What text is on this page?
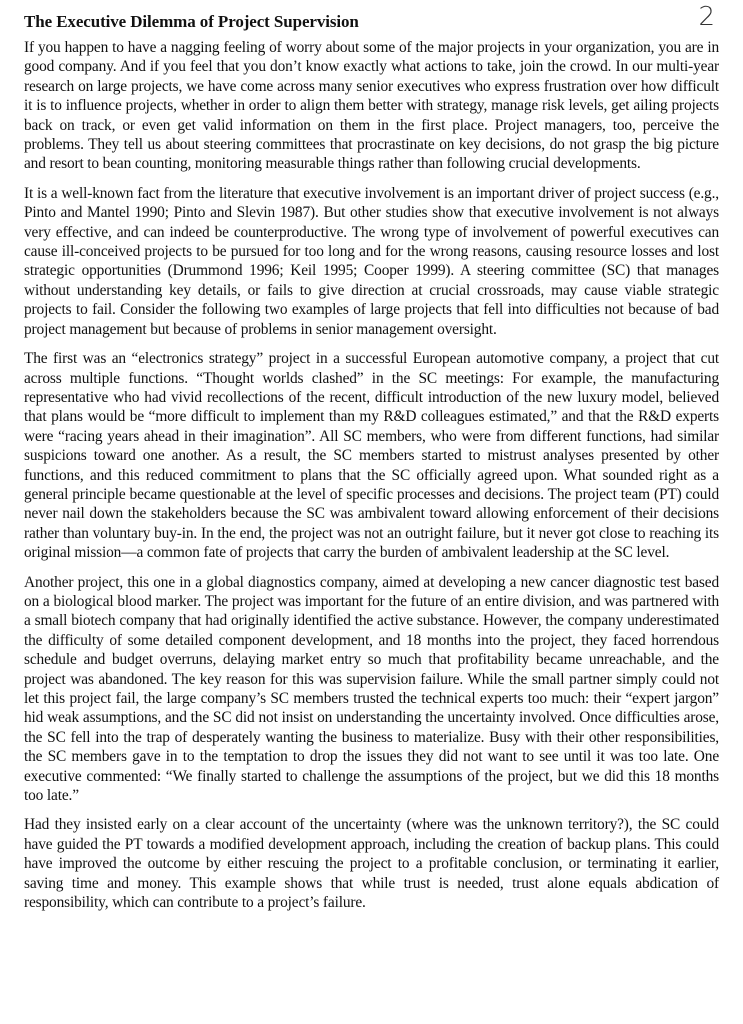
2
The Executive Dilemma of Project Supervision

If you happen to have a nagging feeling of worry about some of the major projects in your organization, you are in good company. And if you feel that you don’t know exactly what actions to take, join the crowd. In our multi-year research on large projects, we have come across many senior executives who express frustration over how difficult it is to influence projects, whether in order to align them better with strategy, manage risk levels, get ailing projects back on track, or even get valid information on them in the first place. Project managers, too, perceive the problems. They tell us about steering committees that procrastinate on key decisions, do not grasp the big picture and resort to bean counting, monitoring measurable things rather than following crucial developments.

It is a well-known fact from the literature that executive involvement is an important driver of project success (e.g., Pinto and Mantel 1990; Pinto and Slevin 1987). But other studies show that executive involvement is not always very effective, and can indeed be counterproductive. The wrong type of involvement of powerful executives can cause ill-conceived projects to be pursued for too long and for the wrong reasons, causing resource losses and lost strategic opportunities (Drummond 1996; Keil 1995; Cooper 1999). A steering committee (SC) that manages without understanding key details, or fails to give direction at crucial crossroads, may cause viable strategic projects to fail. Consider the following two examples of large projects that fell into difficulties not because of bad project management but because of problems in senior management oversight.

The first was an “electronics strategy” project in a successful European automotive company, a project that cut across multiple functions. “Thought worlds clashed” in the SC meetings: For example, the manufacturing representative who had vivid recollections of the recent, difficult introduction of the new luxury model, believed that plans would be “more difficult to implement than my R&D colleagues estimated,” and that the R&D experts were “racing years ahead in their imagination”. All SC members, who were from different functions, had similar suspicions toward one another. As a result, the SC members started to mistrust analyses presented by other functions, and this reduced commitment to plans that the SC officially agreed upon. What sounded right as a general principle became questionable at the level of specific processes and decisions. The project team (PT) could never nail down the stakeholders because the SC was ambivalent toward allowing enforcement of their decisions rather than voluntary buy-in. In the end, the project was not an outright failure, but it never got close to reaching its original mission—a common fate of projects that carry the burden of ambivalent leadership at the SC level.

Another project, this one in a global diagnostics company, aimed at developing a new cancer diagnostic test based on a biological blood marker. The project was important for the future of an entire division, and was partnered with a small biotech company that had originally identified the active substance. However, the company underestimated the difficulty of some detailed component development, and 18 months into the project, they faced horrendous schedule and budget overruns, delaying market entry so much that profitability became unreachable, and the project was abandoned. The key reason for this was supervision failure. While the small partner simply could not let this project fail, the large company’s SC members trusted the technical experts too much: their “expert jargon” hid weak assumptions, and the SC did not insist on understanding the uncertainty involved. Once difficulties arose, the SC fell into the trap of desperately wanting the business to materialize. Busy with their other responsibilities, the SC members gave in to the temptation to drop the issues they did not want to see until it was too late. One executive commented: “We finally started to challenge the assumptions of the project, but we did this 18 months too late.”

Had they insisted early on a clear account of the uncertainty (where was the unknown territory?), the SC could have guided the PT towards a modified development approach, including the creation of backup plans. This could have improved the outcome by either rescuing the project to a profitable conclusion, or terminating it earlier, saving time and money. This example shows that while trust is needed, trust alone equals abdication of responsibility, which can contribute to a project’s failure.
